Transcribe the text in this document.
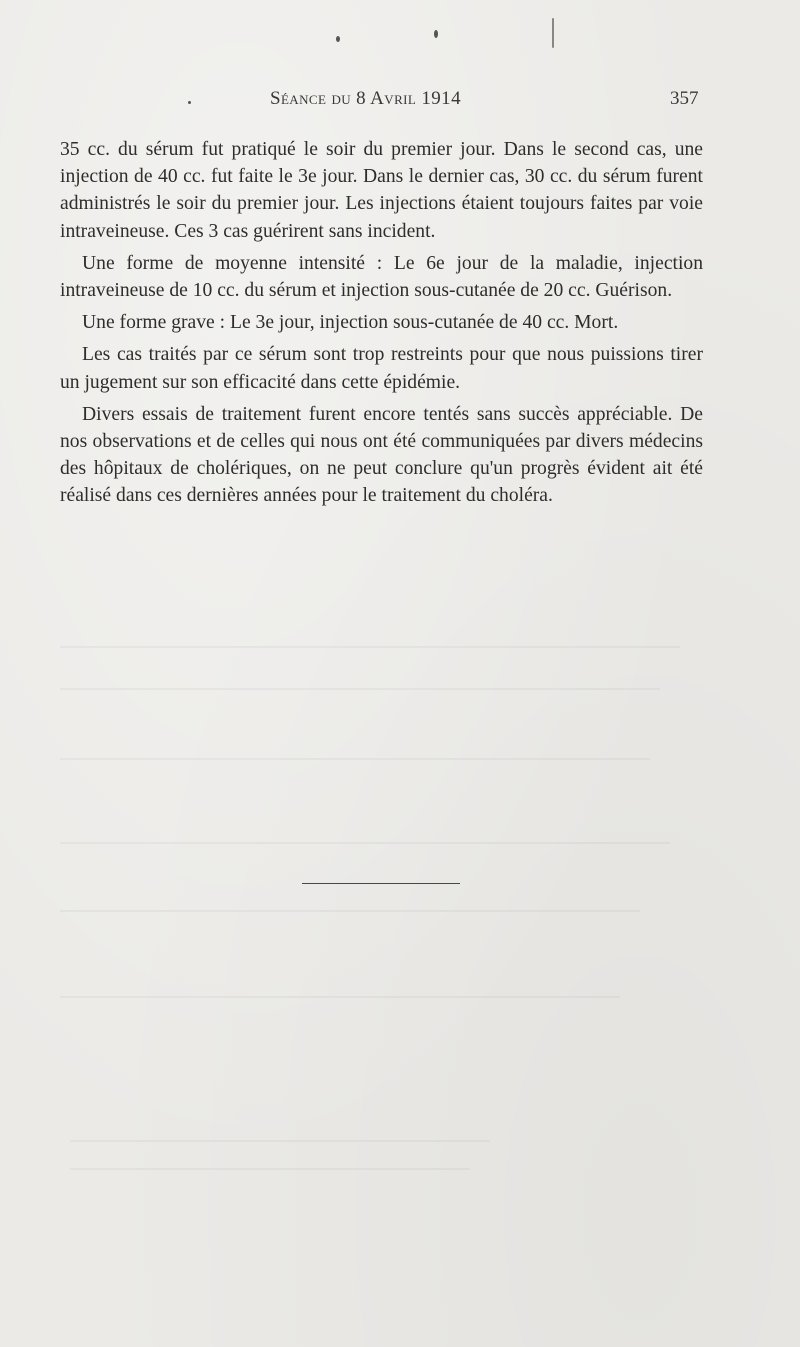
Séance du 8 Avril 1914	357

35 cc. du sérum fut pratiqué le soir du premier jour. Dans le second cas, une injection de 40 cc. fut faite le 3e jour. Dans le dernier cas, 30 cc. du sérum furent administrés le soir du premier jour. Les injections étaient toujours faites par voie intraveineuse. Ces 3 cas guérirent sans incident.

Une forme de moyenne intensité : Le 6e jour de la maladie, injection intraveineuse de 10 cc. du sérum et injection sous-cutanée de 20 cc. Guérison.

Une forme grave : Le 3e jour, injection sous-cutanée de 40 cc. Mort.

Les cas traités par ce sérum sont trop restreints pour que nous puissions tirer un jugement sur son efficacité dans cette épidémie.

Divers essais de traitement furent encore tentés sans succès appréciable. De nos observations et de celles qui nous ont été communiquées par divers médecins des hôpitaux de cholériques, on ne peut conclure qu'un progrès évident ait été réalisé dans ces dernières années pour le traitement du choléra.
